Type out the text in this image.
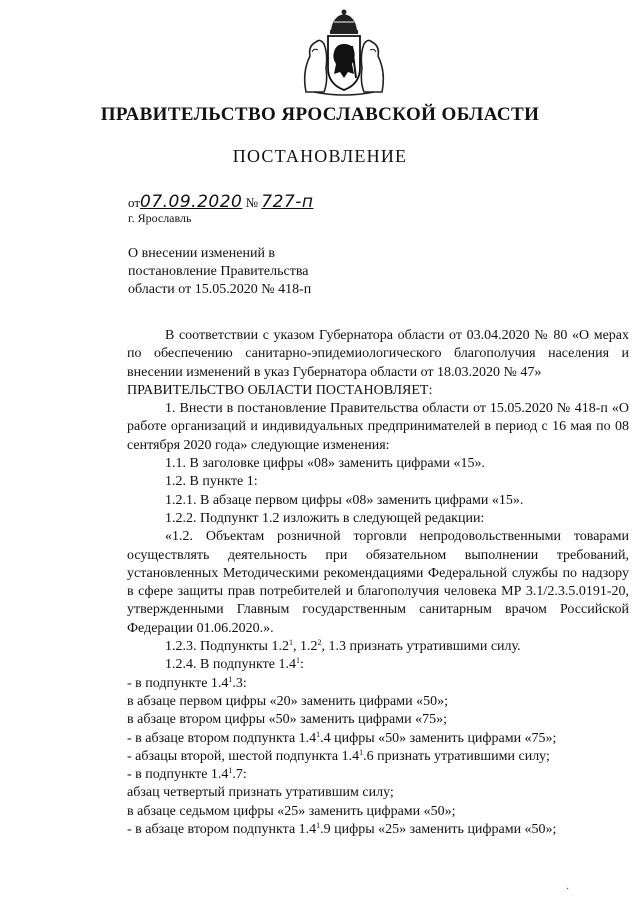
ПРАВИТЕЛЬСТВО ЯРОСЛАВСКОЙ ОБЛАСТИ
ПОСТАНОВЛЕНИЕ
от07.09.2020 № 727-п
г. Ярославль
О внесении изменений в
постановление Правительства
области от 15.05.2020 № 418-п

В соответствии с указом Губернатора области от 03.04.2020 № 80 «О мерах по обеспечению санитарно-эпидемиологического благополучия населения и внесении изменений в указ Губернатора области от 18.03.2020 № 47»

ПРАВИТЕЛЬСТВО ОБЛАСТИ ПОСТАНОВЛЯЕТ:

1. Внести в постановление Правительства области от 15.05.2020 № 418-п «О работе организаций и индивидуальных предпринимателей в период с 16 мая по 08 сентября 2020 года» следующие изменения:

1.1. В заголовке цифры «08» заменить цифрами «15».

1.2. В пункте 1:

1.2.1. В абзаце первом цифры «08» заменить цифрами «15».

1.2.2. Подпункт 1.2 изложить в следующей редакции:

«1.2. Объектам розничной торговли непродовольственными товарами осуществлять деятельность при обязательном выполнении требований, установленных Методическими рекомендациями Федеральной службы по надзору в сфере защиты прав потребителей и благополучия человека МР 3.1/2.3.5.0191-20, утвержденными Главным государственным санитарным врачом Российской Федерации 01.06.2020.».

1.2.3. Подпункты $1.2^1$, $1.2^2$, 1.3 признать утратившими силу.

1.2.4. В подпункте $1.4^1$:

- в подпункте $1.4^1.3$:

в абзаце первом цифры «20» заменить цифрами «50»;

в абзаце втором цифры «50» заменить цифрами «75»;

- в абзаце втором подпункта $1.4^1.4$ цифры «50» заменить цифрами «75»;

- абзацы второй, шестой подпункта $1.4^1.6$ признать утратившими силу;

- в подпункте $1.4^1.7$:

абзац четвертый признать утратившим силу;

в абзаце седьмом цифры «25» заменить цифрами «50»;

- в абзаце втором подпункта $1.4^1.9$ цифры «25» заменить цифрами «50»;

·
